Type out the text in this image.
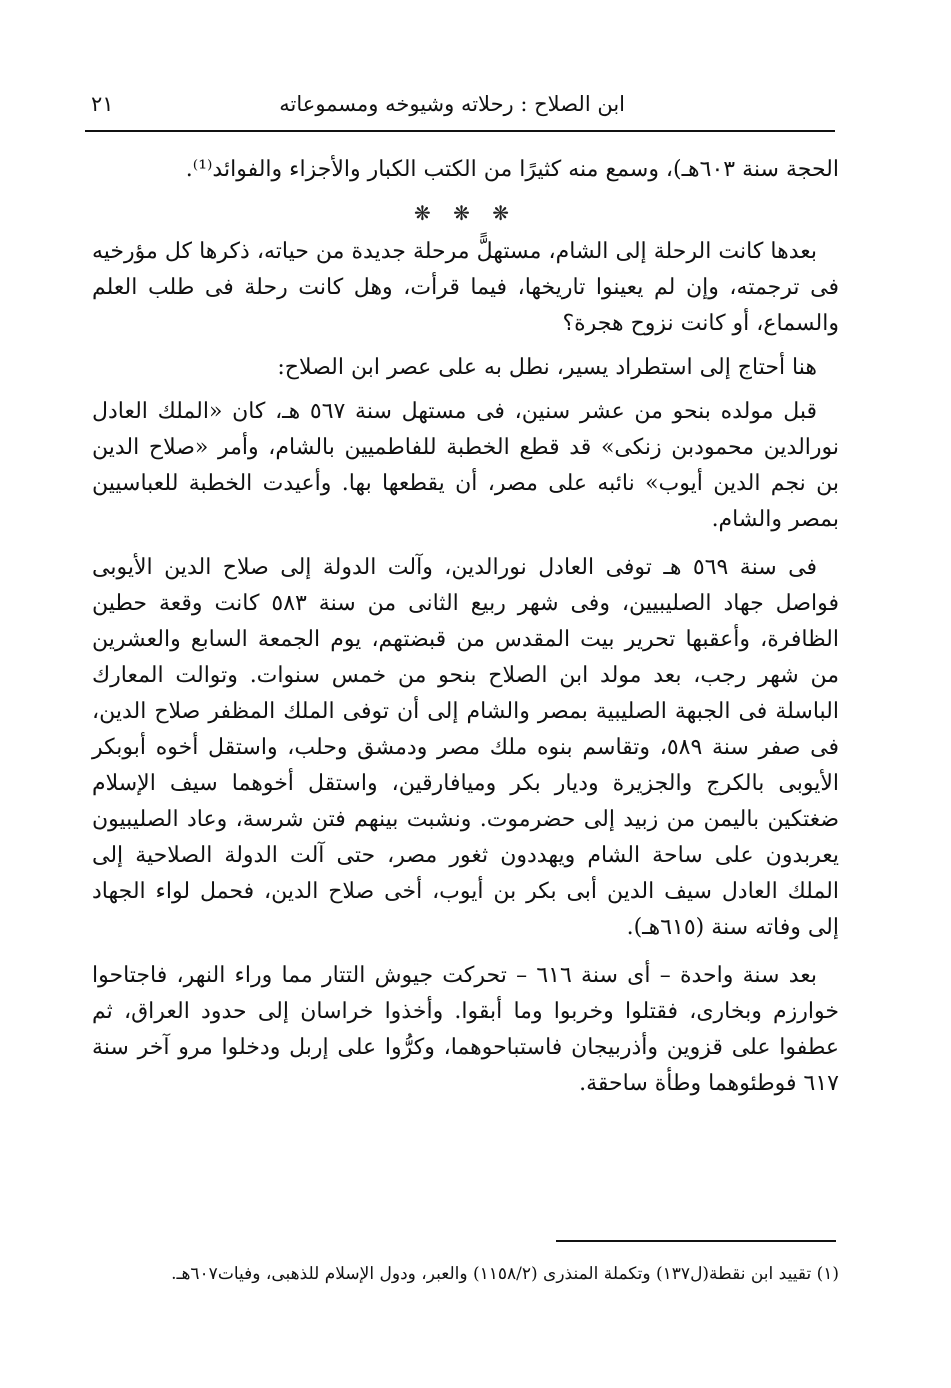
ابن الصلاح : رحلاته وشيوخه ومسموعاته
٢١

الحجة سنة ٦٠٣هـ)، وسمع منه كثيرًا من الكتب الكبار والأجزاء والفوائد⁽¹⁾.

❋ ❋ ❋

بعدها كانت الرحلة إلى الشام، مستهلًّ مرحلة جديدة من حياته، ذكرها كل مؤرخيه فى ترجمته، وإن لم يعينوا تاريخها، فيما قرأت، وهل كانت رحلة فى طلب العلم والسماع، أو كانت نزوح هجرة؟

هنا أحتاج إلى استطراد يسير، نطل به على عصر ابن الصلاح:

قبل مولده بنحو من عشر سنين، فى مستهل سنة ٥٦٧ هـ، كان «الملك العادل نورالدين محمودبن زنكى» قد قطع الخطبة للفاطميين بالشام، وأمر «صلاح الدين بن نجم الدين أيوب» نائبه على مصر، أن يقطعها بها. وأعيدت الخطبة للعباسيين بمصر والشام.

فى سنة ٥٦٩ هـ توفى العادل نورالدين، وآلت الدولة إلى صلاح الدين الأيوبى فواصل جهاد الصليبيين، وفى شهر ربيع الثانى من سنة ٥٨٣ كانت وقعة حطين الظافرة، وأعقبها تحرير بيت المقدس من قبضتهم، يوم الجمعة السابع والعشرين من شهر رجب، بعد مولد ابن الصلاح بنحو من خمس سنوات. وتوالت المعارك الباسلة فى الجبهة الصليبية بمصر والشام إلى أن توفى الملك المظفر صلاح الدين، فى صفر سنة ٥٨٩، وتقاسم بنوه ملك مصر ودمشق وحلب، واستقل أخوه أبوبكر الأيوبى بالكرج والجزيرة وديار بكر وميافارقين، واستقل أخوهما سيف الإسلام ضغتكين باليمن من زبيد إلى حضرموت. ونشبت بينهم فتن شرسة، وعاد الصليبيون يعربدون على ساحة الشام ويهددون ثغور مصر، حتى آلت الدولة الصلاحية إلى الملك العادل سيف الدين أبى بكر بن أيوب، أخى صلاح الدين، فحمل لواء الجهاد إلى وفاته سنة (٦١٥هـ).

بعد سنة واحدة – أى سنة ٦١٦ – تحركت جيوش التتار مما وراء النهر، فاجتاحوا خوارزم وبخارى، فقتلوا وخربوا وما أبقوا. وأخذوا خراسان إلى حدود العراق، ثم عطفوا على قزوين وأذربيجان فاستباحوهما، وكرُّوا على إربل ودخلوا مرو آخر سنة ٦١٧ فوطئوهما وطأة ساحقة.

(١) تقييد ابن نقطة(ل١٣٧) وتكملة المنذرى (١١٥٨/٢) والعبر، ودول الإسلام للذهبى، وفيات٦٠٧هـ.
